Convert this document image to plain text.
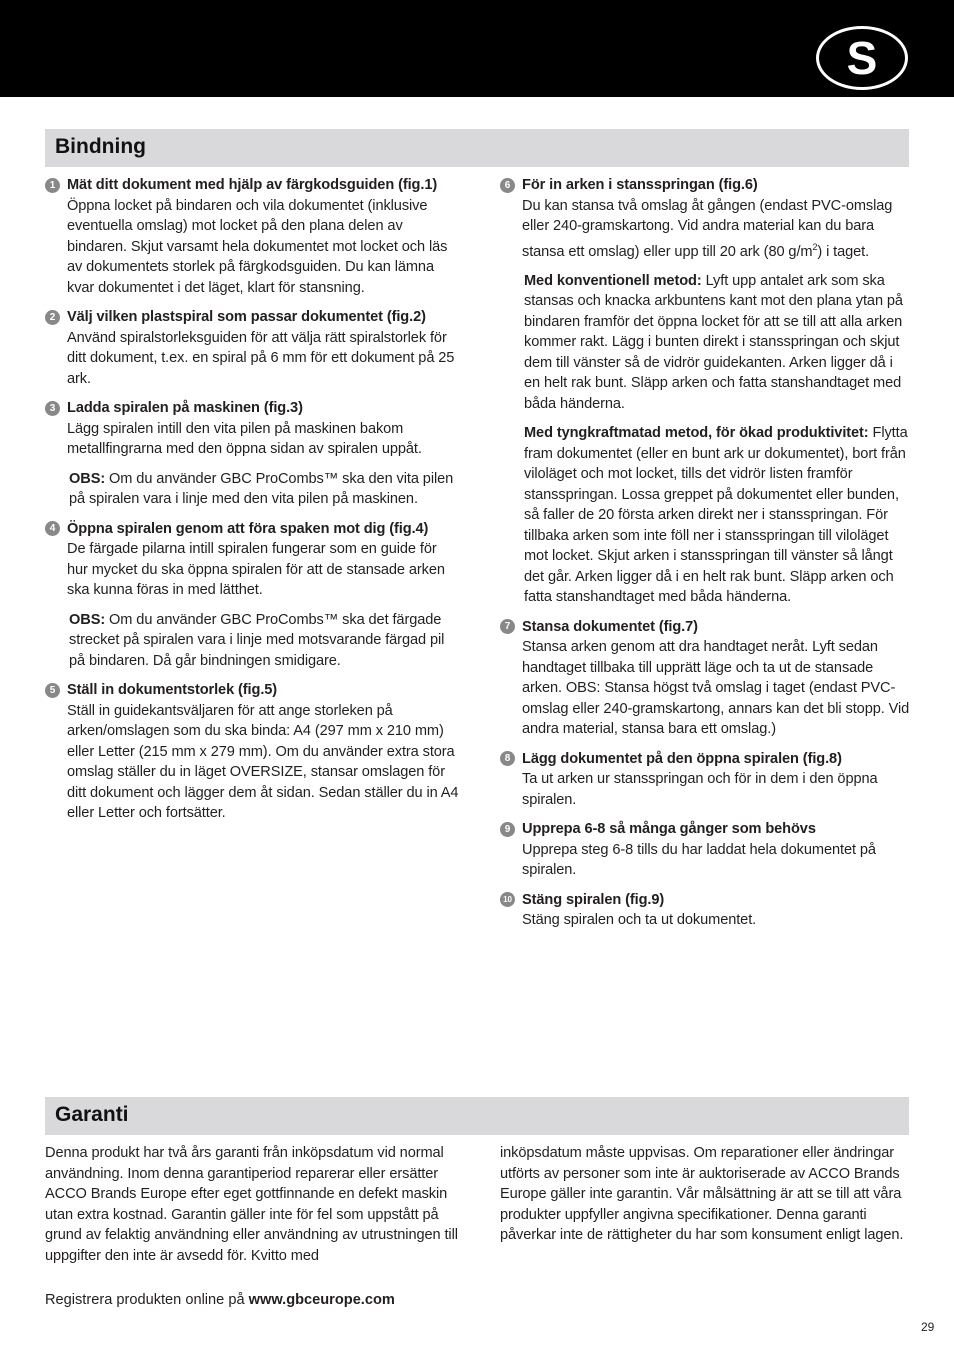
S
Bindning
1 Mät ditt dokument med hjälp av färgkodsguiden (fig.1)
Öppna locket på bindaren och vila dokumentet (inklusive eventuella omslag) mot locket på den plana delen av bindaren. Skjut varsamt hela dokumentet mot locket och läs av dokumentets storlek på färgkodsguiden. Du kan lämna kvar dokumentet i det läget, klart för stansning.
2 Välj vilken plastspiral som passar dokumentet (fig.2)
Använd spiralstorleksguiden för att välja rätt spiralstorlek för ditt dokument, t.ex. en spiral på 6 mm för ett dokument på 25 ark.
3 Ladda spiralen på maskinen (fig.3)
Lägg spiralen intill den vita pilen på maskinen bakom metallfingrarna med den öppna sidan av spiralen uppåt.
OBS: Om du använder GBC ProCombs™ ska den vita pilen på spiralen vara i linje med den vita pilen på maskinen.
4 Öppna spiralen genom att föra spaken mot dig (fig.4)
De färgade pilarna intill spiralen fungerar som en guide för hur mycket du ska öppna spiralen för att de stansade arken ska kunna föras in med lätthet.
OBS: Om du använder GBC ProCombs™ ska det färgade strecket på spiralen vara i linje med motsvarande färgad pil på bindaren. Då går bindningen smidigare.
5 Ställ in dokumentstorlek (fig.5)
Ställ in guidekantsväljaren för att ange storleken på arken/omslagen som du ska binda: A4 (297 mm x 210 mm) eller Letter (215 mm x 279 mm). Om du använder extra stora omslag ställer du in läget OVERSIZE, stansar omslagen för ditt dokument och lägger dem åt sidan. Sedan ställer du in A4 eller Letter och fortsätter.
6 För in arken i stansspringan (fig.6)
Du kan stansa två omslag åt gången (endast PVC-omslag eller 240-gramskartong. Vid andra material kan du bara stansa ett omslag) eller upp till 20 ark (80 $g/m^2$) i taget.
Med konventionell metod: Lyft upp antalet ark som ska stansas och knacka arkbuntens kant mot den plana ytan på bindaren framför det öppna locket för att se till att alla arken kommer rakt. Lägg i bunten direkt i stansspringan och skjut dem till vänster så de vidrör guidekanten. Arken ligger då i en helt rak bunt. Släpp arken och fatta stanshandtaget med båda händerna.
Med tyngkraftmatad metod, för ökad produktivitet: Flytta fram dokumentet (eller en bunt ark ur dokumentet), bort från viloläget och mot locket, tills det vidrör listen framför stansspringan. Lossa greppet på dokumentet eller bunden, så faller de 20 första arken direkt ner i stansspringan. För tillbaka arken som inte föll ner i stansspringan till viloläget mot locket. Skjut arken i stansspringan till vänster så långt det går. Arken ligger då i en helt rak bunt. Släpp arken och fatta stanshandtaget med båda händerna.
7 Stansa dokumentet (fig.7)
Stansa arken genom att dra handtaget neråt. Lyft sedan handtaget tillbaka till upprätt läge och ta ut de stansade arken. OBS: Stansa högst två omslag i taget (endast PVC-omslag eller 240-gramskartong, annars kan det bli stopp. Vid andra material, stansa bara ett omslag.)
8 Lägg dokumentet på den öppna spiralen (fig.8)
Ta ut arken ur stansspringan och för in dem i den öppna spiralen.
9 Upprepa 6-8 så många gånger som behövs
Upprepa steg 6-8 tills du har laddat hela dokumentet på spiralen.
10 Stäng spiralen (fig.9)
Stäng spiralen och ta ut dokumentet.
Garanti
Denna produkt har två års garanti från inköpsdatum vid normal användning. Inom denna garantiperiod reparerar eller ersätter ACCO Brands Europe efter eget gottfinnande en defekt maskin utan extra kostnad. Garantin gäller inte för fel som uppstått på grund av felaktig användning eller användning av utrustningen till uppgifter den inte är avsedd för. Kvitto med
inköpsdatum måste uppvisas. Om reparationer eller ändringar utförts av personer som inte är auktoriserade av ACCO Brands Europe gäller inte garantin. Vår målsättning är att se till att våra produkter uppfyller angivna specifikationer. Denna garanti påverkar inte de rättigheter du har som konsument enligt lagen.
Registrera produkten online på www.gbceurope.com
29
